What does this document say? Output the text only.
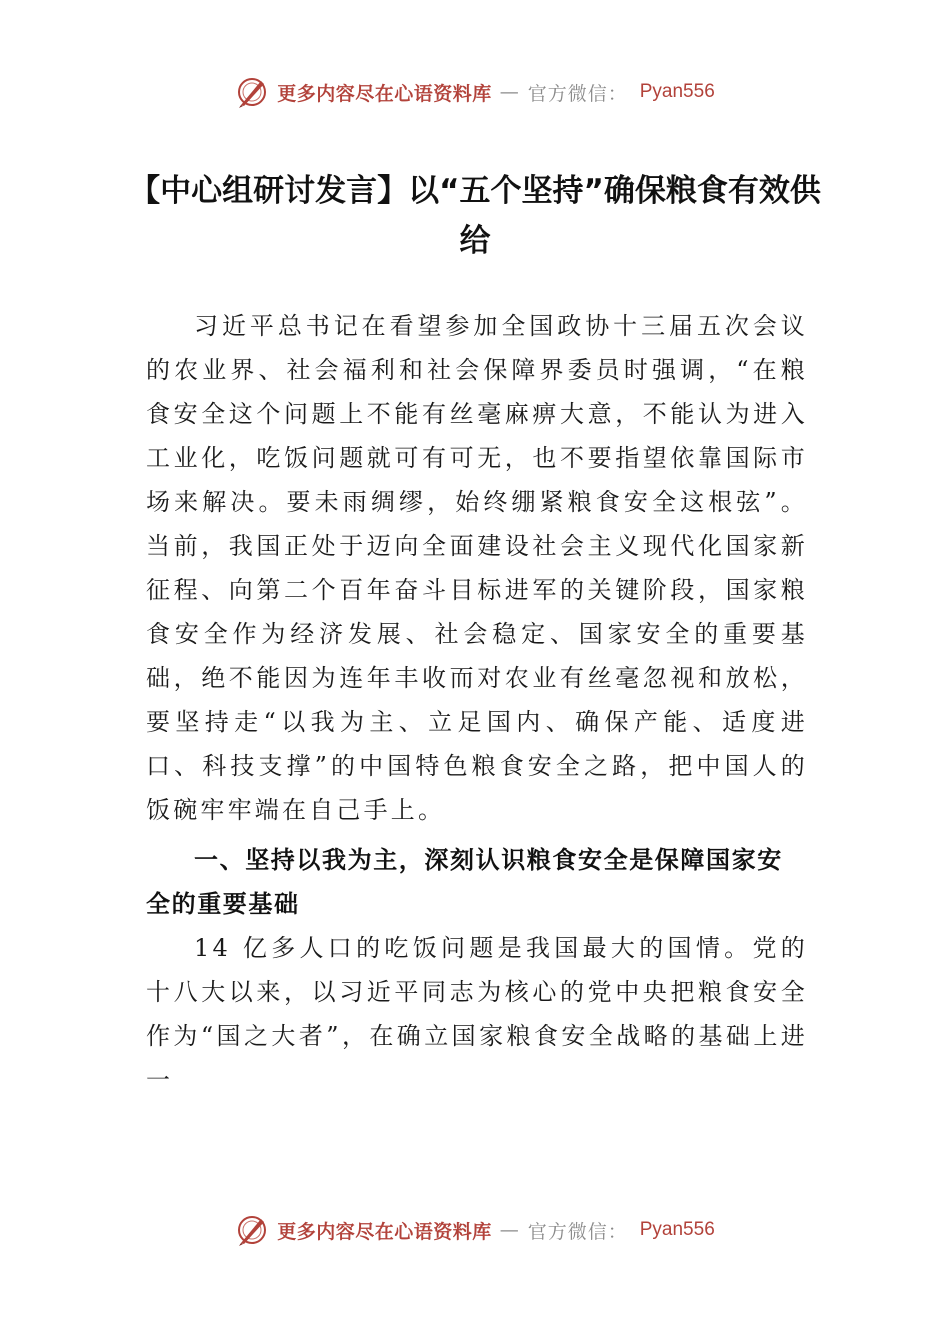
更多内容尽在心语资料库 — 官方微信： Pyan556
【中心组研讨发言】以“五个坚持”确保粮食有效供给

习近平总书记在看望参加全国政协十三届五次会议的农业界、社会福利和社会保障界委员时强调，“在粮食安全这个问题上不能有丝毫麻痹大意，不能认为进入工业化，吃饭问题就可有可无，也不要指望依靠国际市场来解决。要未雨绸缪，始终绷紧粮食安全这根弦”。当前，我国正处于迈向全面建设社会主义现代化国家新征程、向第二个百年奋斗目标进军的关键阶段，国家粮食安全作为经济发展、社会稳定、国家安全的重要基础，绝不能因为连年丰收而对农业有丝毫忽视和放松，要坚持走“以我为主、立足国内、确保产能、适度进口、科技支撑”的中国特色粮食安全之路，把中国人的饭碗牢牢端在自己手上。

一、坚持以我为主，深刻认识粮食安全是保障国家安全的重要基础

14 亿多人口的吃饭问题是我国最大的国情。党的十八大以来，以习近平同志为核心的党中央把粮食安全作为“国之大者”，在确立国家粮食安全战略的基础上进一

更多内容尽在心语资料库 — 官方微信： Pyan556
